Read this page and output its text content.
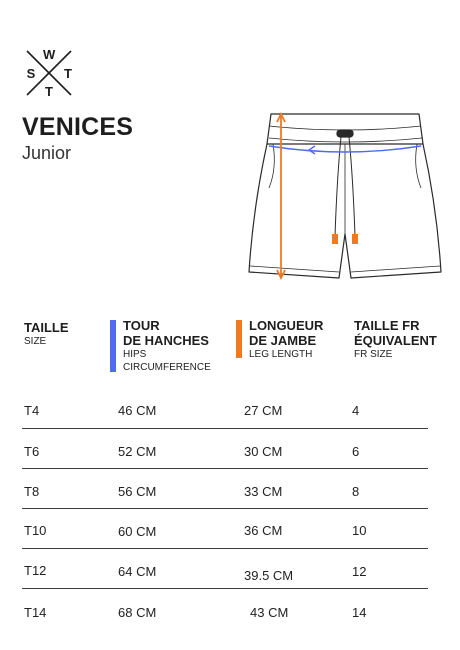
W
S T
T
VENICES
Junior
TAILLE
SIZE
TOUR
DE HANCHES
HIPS
CIRCUMFERENCE
LONGUEUR
DE JAMBE
LEG LENGTH
TAILLE FR
ÉQUIVALENT
FR SIZE
T4	46 CM	27 CM	4
T6	52 CM	30 CM	6
T8	56 CM	33 CM	8
T10	60 CM	36 CM	10
T12	64 CM	39.5 CM	12
T14	68 CM	43 CM	14
